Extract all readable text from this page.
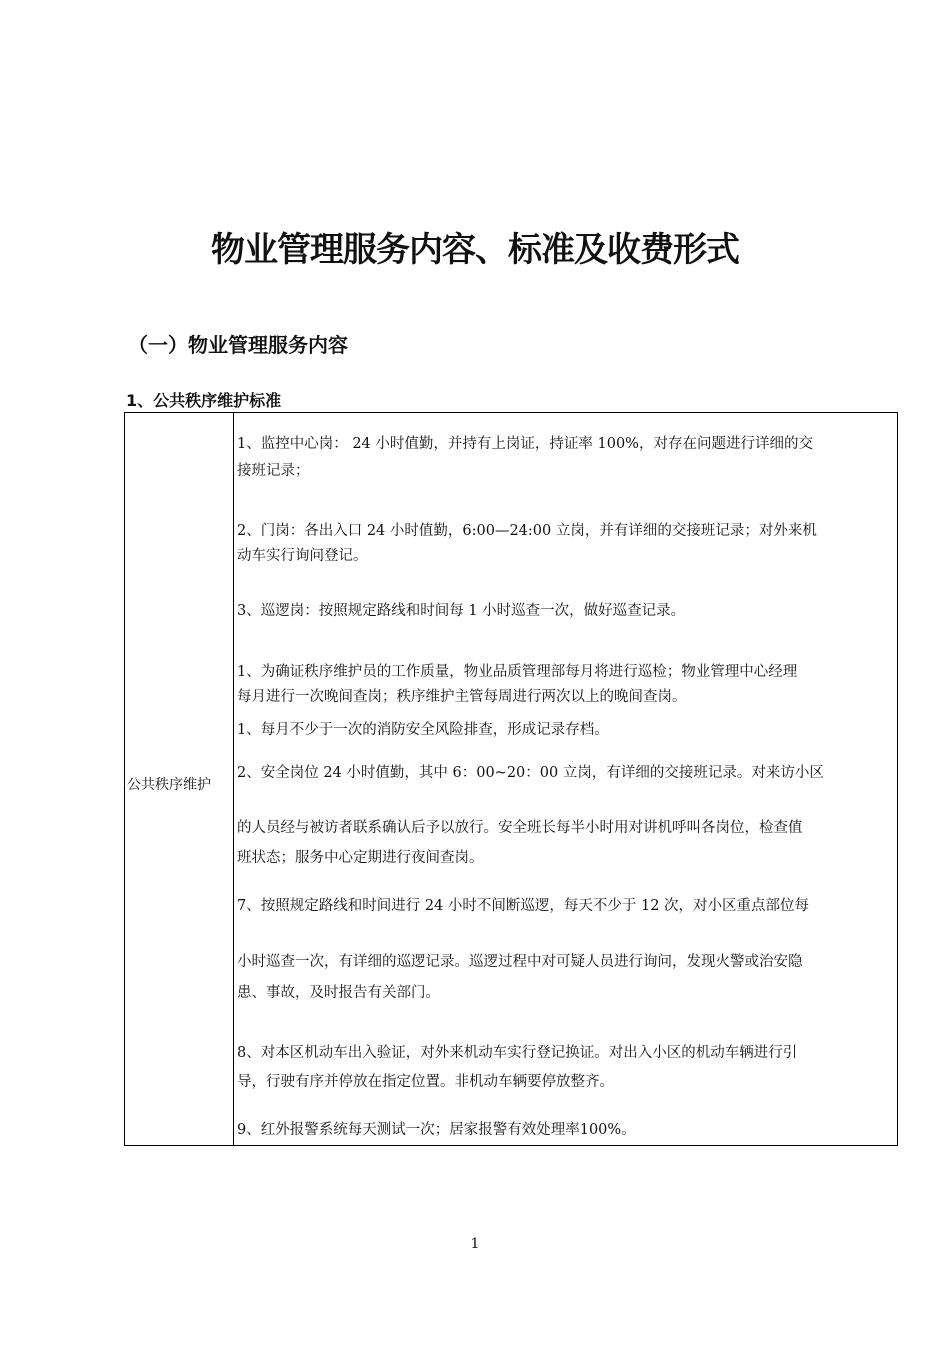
物业管理服务内容、标准及收费形式
（一）物业管理服务内容
1、公共秩序维护标准
公共秩序维护
1、监控中心岗： 24 小时值勤，并持有上岗证，持证率 100%，对存在问题进行详细的交
接班记录；
2、门岗：各出入口 24 小时值勤，6:00—24:00 立岗，并有详细的交接班记录；对外来机
动车实行询问登记。
3、巡逻岗：按照规定路线和时间每 1 小时巡查一次，做好巡查记录。
1、为确证秩序维护员的工作质量，物业品质管理部每月将进行巡检；物业管理中心经理
每月进行一次晚间查岗；秩序维护主管每周进行两次以上的晚间查岗。
1、每月不少于一次的消防安全风险排查，形成记录存档。
2、安全岗位 24 小时值勤，其中 6：00~20：00 立岗，有详细的交接班记录。对来访小区
的人员经与被访者联系确认后予以放行。安全班长每半小时用对讲机呼叫各岗位，检查值
班状态；服务中心定期进行夜间查岗。
7、按照规定路线和时间进行 24 小时不间断巡逻，每天不少于 12 次，对小区重点部位每
小时巡查一次，有详细的巡逻记录。巡逻过程中对可疑人员进行询问，发现火警或治安隐
患、事故，及时报告有关部门。
8、对本区机动车出入验证，对外来机动车实行登记换证。对出入小区的机动车辆进行引
导，行驶有序并停放在指定位置。非机动车辆要停放整齐。
9、红外报警系统每天测试一次；居家报警有效处理率100%。
1
